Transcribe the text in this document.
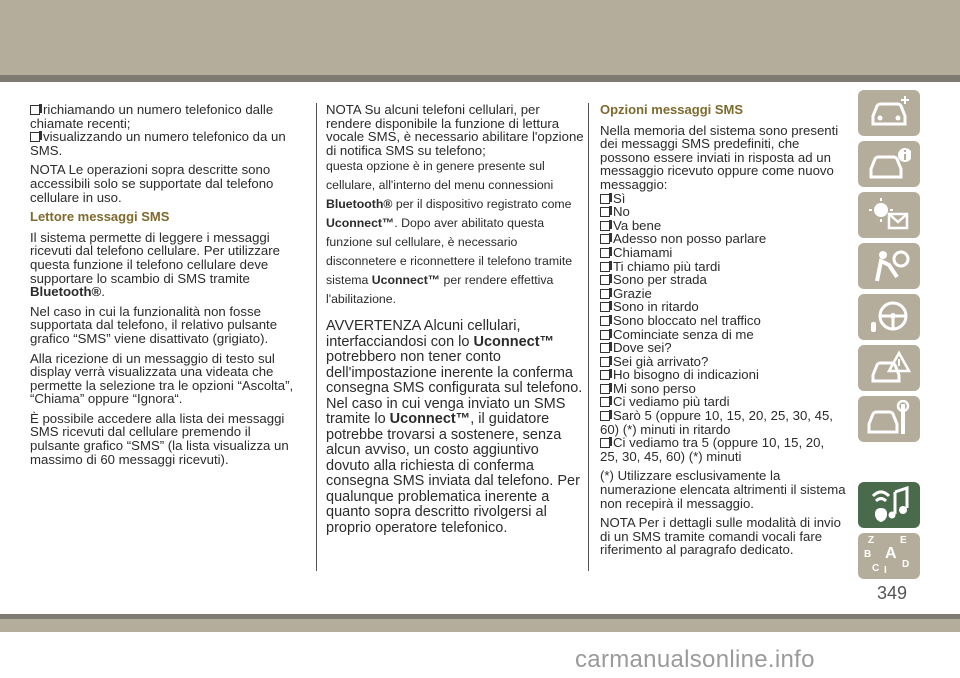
richiamando un numero telefonico dalle chiamate recenti;
visualizzando un numero telefonico da un SMS.

NOTA Le operazioni sopra descritte sono accessibili solo se supportate dal telefono cellulare in uso.

Lettore messaggi SMS

Il sistema permette di leggere i messaggi ricevuti dal telefono cellulare. Per utilizzare questa funzione il telefono cellulare deve supportare lo scambio di SMS tramite Bluetooth®.

Nel caso in cui la funzionalità non fosse supportata dal telefono, il relativo pulsante grafico “SMS” viene disattivato (grigiato).

Alla ricezione di un messaggio di testo sul display verrà visualizzata una videata che permette la selezione tra le opzioni “Ascolta”, “Chiama” oppure “Ignora“.

È possibile accedere alla lista dei messaggi SMS ricevuti dal cellulare premendo il pulsante grafico “SMS” (la lista visualizza un massimo di 60 messaggi ricevuti).

NOTA Su alcuni telefoni cellulari, per rendere disponibile la funzione di lettura vocale SMS, è necessario abilitare l'opzione di notifica SMS su telefono;

questa opzione è in genere presente sul cellulare, all'interno del menu connessioni Bluetooth® per il dispositivo registrato come Uconnect™. Dopo aver abilitato questa funzione sul cellulare, è necessario disconnetere e riconnettere il telefono tramite sistema Uconnect™ per rendere effettiva l'abilitazione.

AVVERTENZA Alcuni cellulari, interfacciandosi con lo Uconnect™ potrebbero non tener conto dell'impostazione inerente la conferma consegna SMS configurata sul telefono. Nel caso in cui venga inviato un SMS tramite lo Uconnect™, il guidatore potrebbe trovarsi a sostenere, senza alcun avviso, un costo aggiuntivo dovuto alla richiesta di conferma consegna SMS inviata dal telefono. Per qualunque problematica inerente a quanto sopra descritto rivolgersi al proprio operatore telefonico.

Opzioni messaggi SMS

Nella memoria del sistema sono presenti dei messaggi SMS predefiniti, che possono essere inviati in risposta ad un messaggio ricevuto oppure come nuovo messaggio:

Sì
No
Va bene
Adesso non posso parlare
Chiamami
Ti chiamo più tardi
Sono per strada
Grazie
Sono in ritardo
Sono bloccato nel traffico
Cominciate senza di me
Dove sei?
Sei già arrivato?
Ho bisogno di indicazioni
Mi sono perso
Ci vediamo più tardi
Sarò 5 (oppure 10, 15, 20, 25, 30, 45, 60) (*) minuti in ritardo
Ci vediamo tra 5 (oppure 10, 15, 20, 25, 30, 45, 60) (*) minuti

(*) Utilizzare esclusivamente la numerazione elencata altrimenti il sistema non recepirà il messaggio.

NOTA Per i dettagli sulle modalità di invio di un SMS tramite comandi vocali fare riferimento al paragrafo dedicato.

Z	E
B A
C D
I
349
carmanualsonline.info
